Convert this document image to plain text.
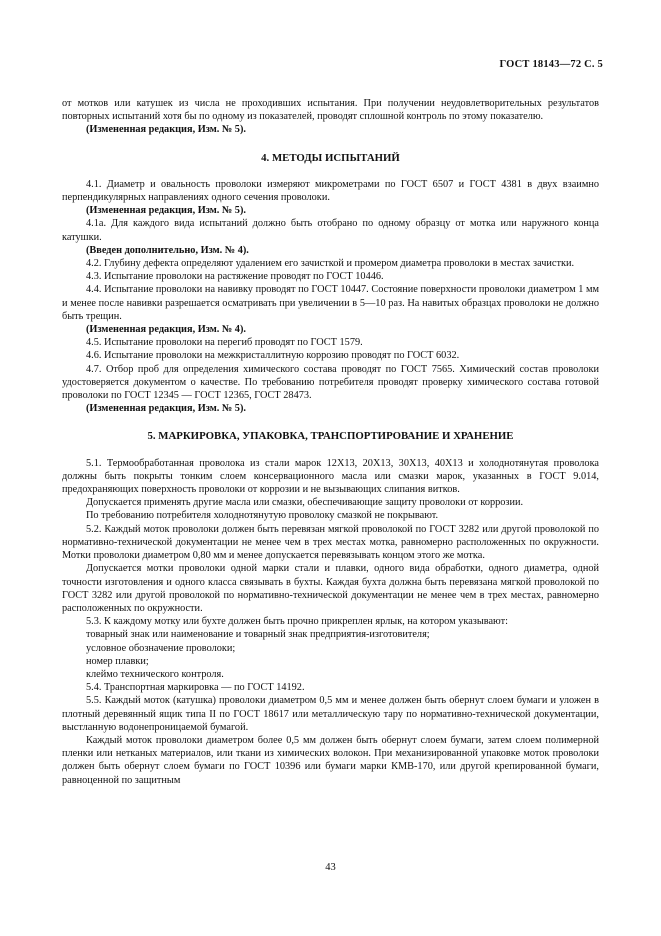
ГОСТ 18143—72 С. 5

от мотков или катушек из числа не проходивших испытания. При получении неудовлетворительных результатов повторных испытаний хотя бы по одному из показателей, проводят сплошной контроль по этому показателю.

(Измененная редакция, Изм. № 5).

4. МЕТОДЫ ИСПЫТАНИЙ

4.1. Диаметр и овальность проволоки измеряют микрометрами по ГОСТ 6507 и ГОСТ 4381 в двух взаимно перпендикулярных направлениях одного сечения проволоки.

(Измененная редакция, Изм. № 5).

4.1а. Для каждого вида испытаний должно быть отобрано по одному образцу от мотка или наружного конца катушки.

(Введен дополнительно, Изм. № 4).

4.2. Глубину дефекта определяют удалением его зачисткой и промером диаметра проволоки в местах зачистки.

4.3. Испытание проволоки на растяжение проводят по ГОСТ 10446.

4.4. Испытание проволоки на навивку проводят по ГОСТ 10447. Состояние поверхности проволоки диаметром 1 мм и менее после навивки разрешается осматривать при увеличении в 5—10 раз. На навитых образцах проволоки не должно быть трещин.

(Измененная редакция, Изм. № 4).

4.5. Испытание проволоки на перегиб проводят по ГОСТ 1579.

4.6. Испытание проволоки на межкристаллитную коррозию проводят по ГОСТ 6032.

4.7. Отбор проб для определения химического состава проводят по ГОСТ 7565. Химический состав проволоки удостоверяется документом о качестве. По требованию потребителя проводят проверку химического состава готовой проволоки по ГОСТ 12345 — ГОСТ 12365, ГОСТ 28473.

(Измененная редакция, Изм. № 5).

5. МАРКИРОВКА, УПАКОВКА, ТРАНСПОРТИРОВАНИЕ И ХРАНЕНИЕ

5.1. Термообработанная проволока из стали марок 12Х13, 20Х13, 30Х13, 40Х13 и холоднотянутая проволока должны быть покрыты тонким слоем консервационного масла или смазки марок, указанных в ГОСТ 9.014, предохраняющих поверхность проволоки от коррозии и не вызывающих слипания витков.

Допускается применять другие масла или смазки, обеспечивающие защиту проволоки от коррозии.

По требованию потребителя холоднотянутую проволоку смазкой не покрывают.

5.2. Каждый моток проволоки должен быть перевязан мягкой проволокой по ГОСТ 3282 или другой проволокой по нормативно-технической документации не менее чем в трех местах мотка, равномерно расположенных по окружности. Мотки проволоки диаметром 0,80 мм и менее допускается перевязывать концом этого же мотка.

Допускается мотки проволоки одной марки стали и плавки, одного вида обработки, одного диаметра, одной точности изготовления и одного класса связывать в бухты. Каждая бухта должна быть перевязана мягкой проволокой по ГОСТ 3282 или другой проволокой по нормативно-технической документации не менее чем в трех местах, равномерно расположенных по окружности.

5.3. К каждому мотку или бухте должен быть прочно прикреплен ярлык, на котором указывают:

товарный знак или наименование и товарный знак предприятия-изготовителя;

условное обозначение проволоки;

номер плавки;

клеймо технического контроля.

5.4. Транспортная маркировка — по ГОСТ 14192.

5.5. Каждый моток (катушка) проволоки диаметром 0,5 мм и менее должен быть обернут слоем бумаги и уложен в плотный деревянный ящик типа II по ГОСТ 18617 или металлическую тару по нормативно-технической документации, выстланную водонепроницаемой бумагой.

Каждый моток проволоки диаметром более 0,5 мм должен быть обернут слоем бумаги, затем слоем полимерной пленки или нетканых материалов, или ткани из химических волокон. При механизированной упаковке моток проволоки должен быть обернут слоем бумаги по ГОСТ 10396 или бумаги марки КМВ-170, или другой крепированной бумаги, равноценной по защитным

43
